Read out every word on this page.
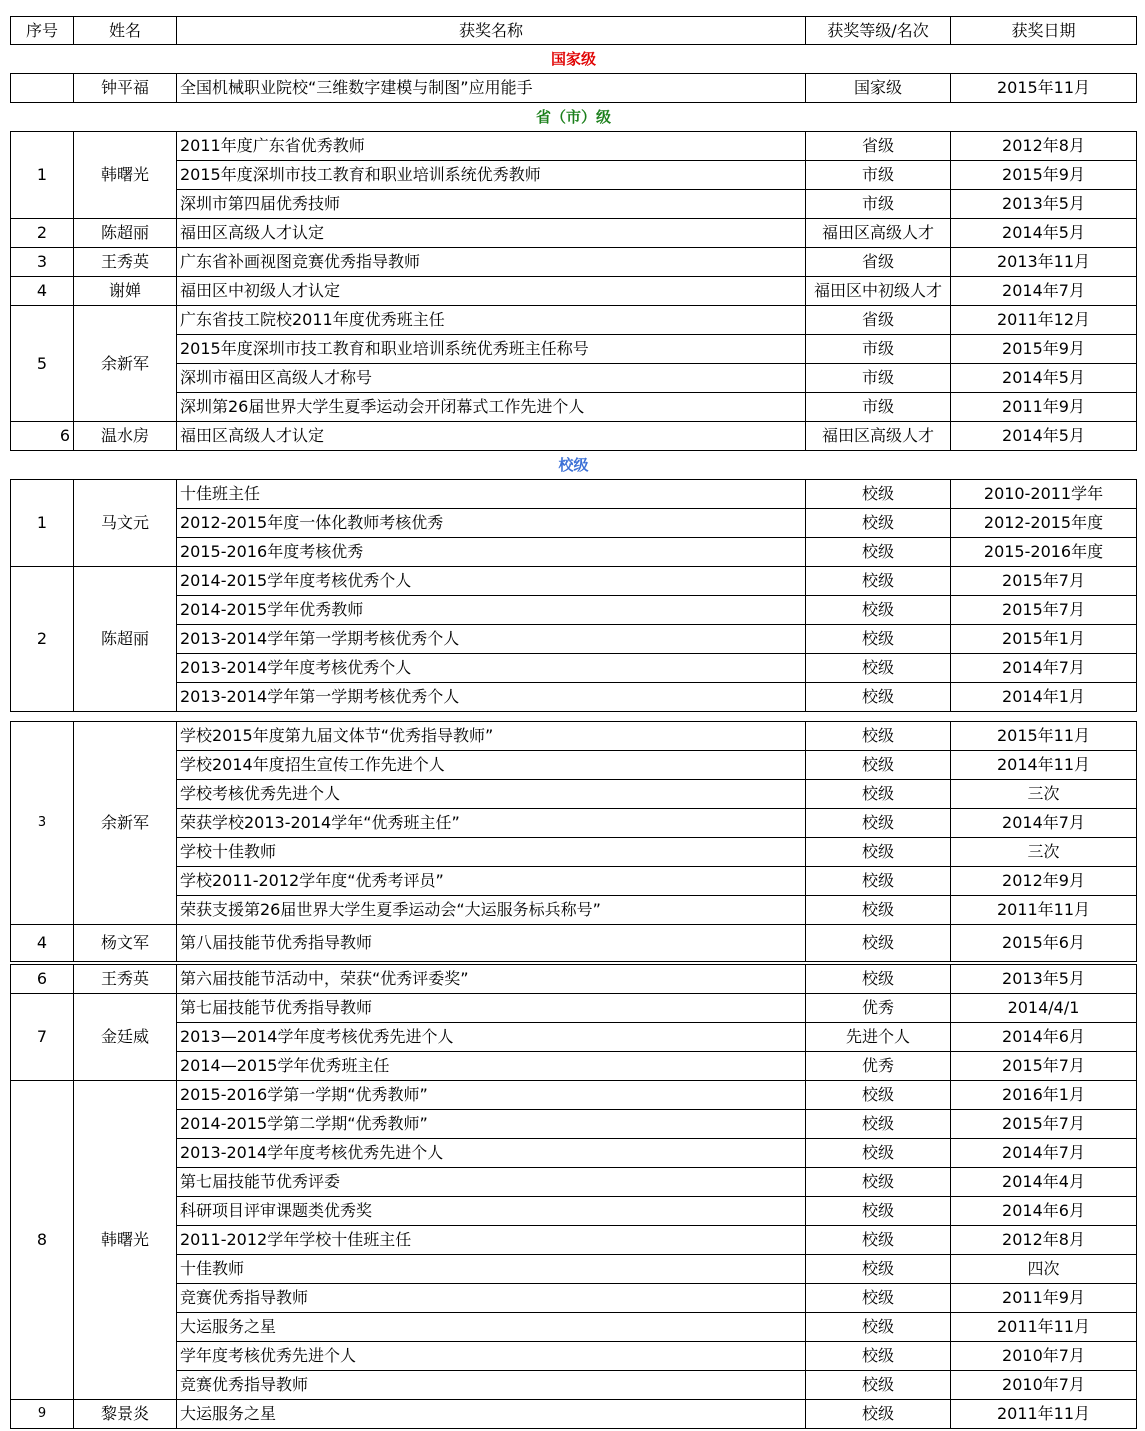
序号	姓名	获奖名称	获奖等级/名次	获奖日期
国家级				
	钟平福	全国机械职业院校“三维数字建模与制图”应用能手	国家级	2015年11月
省（市）级				
1	韩曙光	2011年度广东省优秀教师	省级	2012年8月
		2015年度深圳市技工教育和职业培训系统优秀教师	市级	2015年9月
		深圳市第四届优秀技师	市级	2013年5月
2	陈超丽	福田区高级人才认定	福田区高级人才	2014年5月
3	王秀英	广东省补画视图竞赛优秀指导教师	省级	2013年11月
4	谢婵	福田区中初级人才认定	福田区中初级人才	2014年7月
5	余新军	广东省技工院校2011年度优秀班主任	省级	2011年12月
		2015年度深圳市技工教育和职业培训系统优秀班主任称号	市级	2015年9月
		深圳市福田区高级人才称号	市级	2014年5月
		深圳第26届世界大学生夏季运动会开闭幕式工作先进个人	市级	2011年9月
6	温水房	福田区高级人才认定	福田区高级人才	2014年5月
校级				
1	马文元	十佳班主任	校级	2010-2011学年
		2012-2015年度一体化教师考核优秀	校级	2012-2015年度
		2015-2016年度考核优秀	校级	2015-2016年度
2	陈超丽	2014-2015学年度考核优秀个人	校级	2015年7月
		2014-2015学年优秀教师	校级	2015年7月
		2013-2014学年第一学期考核优秀个人	校级	2015年1月
		2013-2014学年度考核优秀个人	校级	2014年7月
		2013-2014学年第一学期考核优秀个人	校级	2014年1月

3	余新军	学校2015年度第九届文体节“优秀指导教师”	校级	2015年11月
		学校2014年度招生宣传工作先进个人	校级	2014年11月
		学校考核优秀先进个人	校级	三次
		荣获学校2013-2014学年“优秀班主任”	校级	2014年7月
		学校十佳教师	校级	三次
		学校2011-2012学年度“优秀考评员”	校级	2012年9月
		荣获支援第26届世界大学生夏季运动会“大运服务标兵称号”	校级	2011年11月
4	杨文军	第八届技能节优秀指导教师	校级	2015年6月

6	王秀英	第六届技能节活动中，荣获“优秀评委奖”	校级	2013年5月
7	金廷威	第七届技能节优秀指导教师	优秀	2014/4/1
		2013—2014学年度考核优秀先进个人	先进个人	2014年6月
		2014—2015学年优秀班主任	优秀	2015年7月
8	韩曙光	2015-2016学第一学期“优秀教师”	校级	2016年1月
		2014-2015学第二学期“优秀教师”	校级	2015年7月
		2013-2014学年度考核优秀先进个人	校级	2014年7月
		第七届技能节优秀评委	校级	2014年4月
		科研项目评审课题类优秀奖	校级	2014年6月
		2011-2012学年学校十佳班主任	校级	2012年8月
		十佳教师	校级	四次
		竞赛优秀指导教师	校级	2011年9月
		大运服务之星	校级	2011年11月
		学年度考核优秀先进个人	校级	2010年7月
		竞赛优秀指导教师	校级	2010年7月
9	黎景炎	大运服务之星	校级	2011年11月
